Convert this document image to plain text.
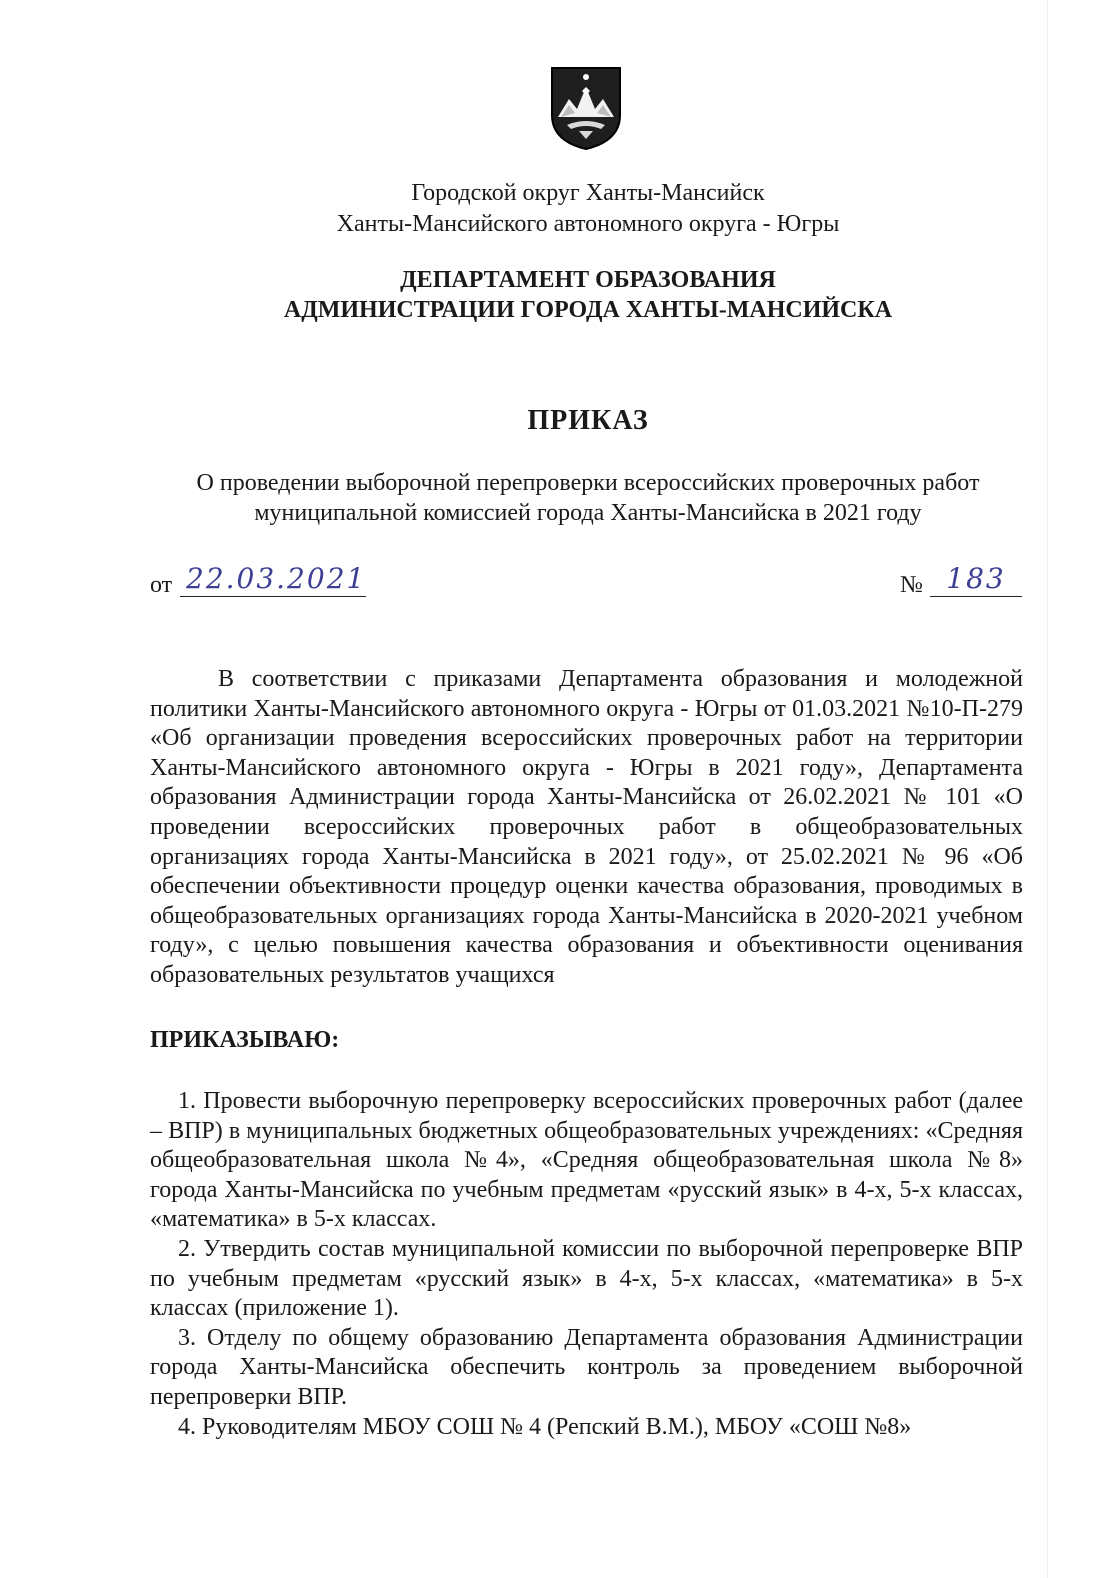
Городской округ Ханты-Мансийск
Ханты-Мансийского автономного округа - Югры
ДЕПАРТАМЕНТ ОБРАЗОВАНИЯ
АДМИНИСТРАЦИИ ГОРОДА ХАНТЫ-МАНСИЙСКА
ПРИКАЗ
О проведении выборочной перепроверки всероссийских проверочных работ
муниципальной комиссией города Ханты-Мансийска в 2021 году
от 22.03.2021	№ 183
В соответствии с приказами Департамента образования и молодежной политики Ханты-Мансийского автономного округа - Югры от 01.03.2021 №10-П-279 «Об организации проведения всероссийских проверочных работ на территории Ханты-Мансийского автономного округа - Югры в 2021 году», Департамента образования Администрации города Ханты-Мансийска от 26.02.2021 № 101 «О проведении всероссийских проверочных работ в общеобразовательных организациях города Ханты-Мансийска в 2021 году», от 25.02.2021 № 96 «Об обеспечении объективности процедур оценки качества образования, проводимых в общеобразовательных организациях города Ханты-Мансийска в 2020-2021 учебном году», с целью повышения качества образования и объективности оценивания образовательных результатов учащихся
ПРИКАЗЫВАЮ:

1. Провести выборочную перепроверку всероссийских проверочных работ (далее – ВПР) в муниципальных бюджетных общеобразовательных учреждениях: «Средняя общеобразовательная школа №4», «Средняя общеобразовательная школа №8» города Ханты-Мансийска по учебным предметам «русский язык» в 4-х, 5-х классах, «математика» в 5-х классах.

2. Утвердить состав муниципальной комиссии по выборочной перепроверке ВПР по учебным предметам «русский язык» в 4-х, 5-х классах, «математика» в 5-х классах (приложение 1).

3. Отделу по общему образованию Департамента образования Администрации города Ханты-Мансийска обеспечить контроль за проведением выборочной перепроверки ВПР.

4. Руководителям МБОУ СОШ № 4 (Репский В.М.), МБОУ «СОШ №8»
